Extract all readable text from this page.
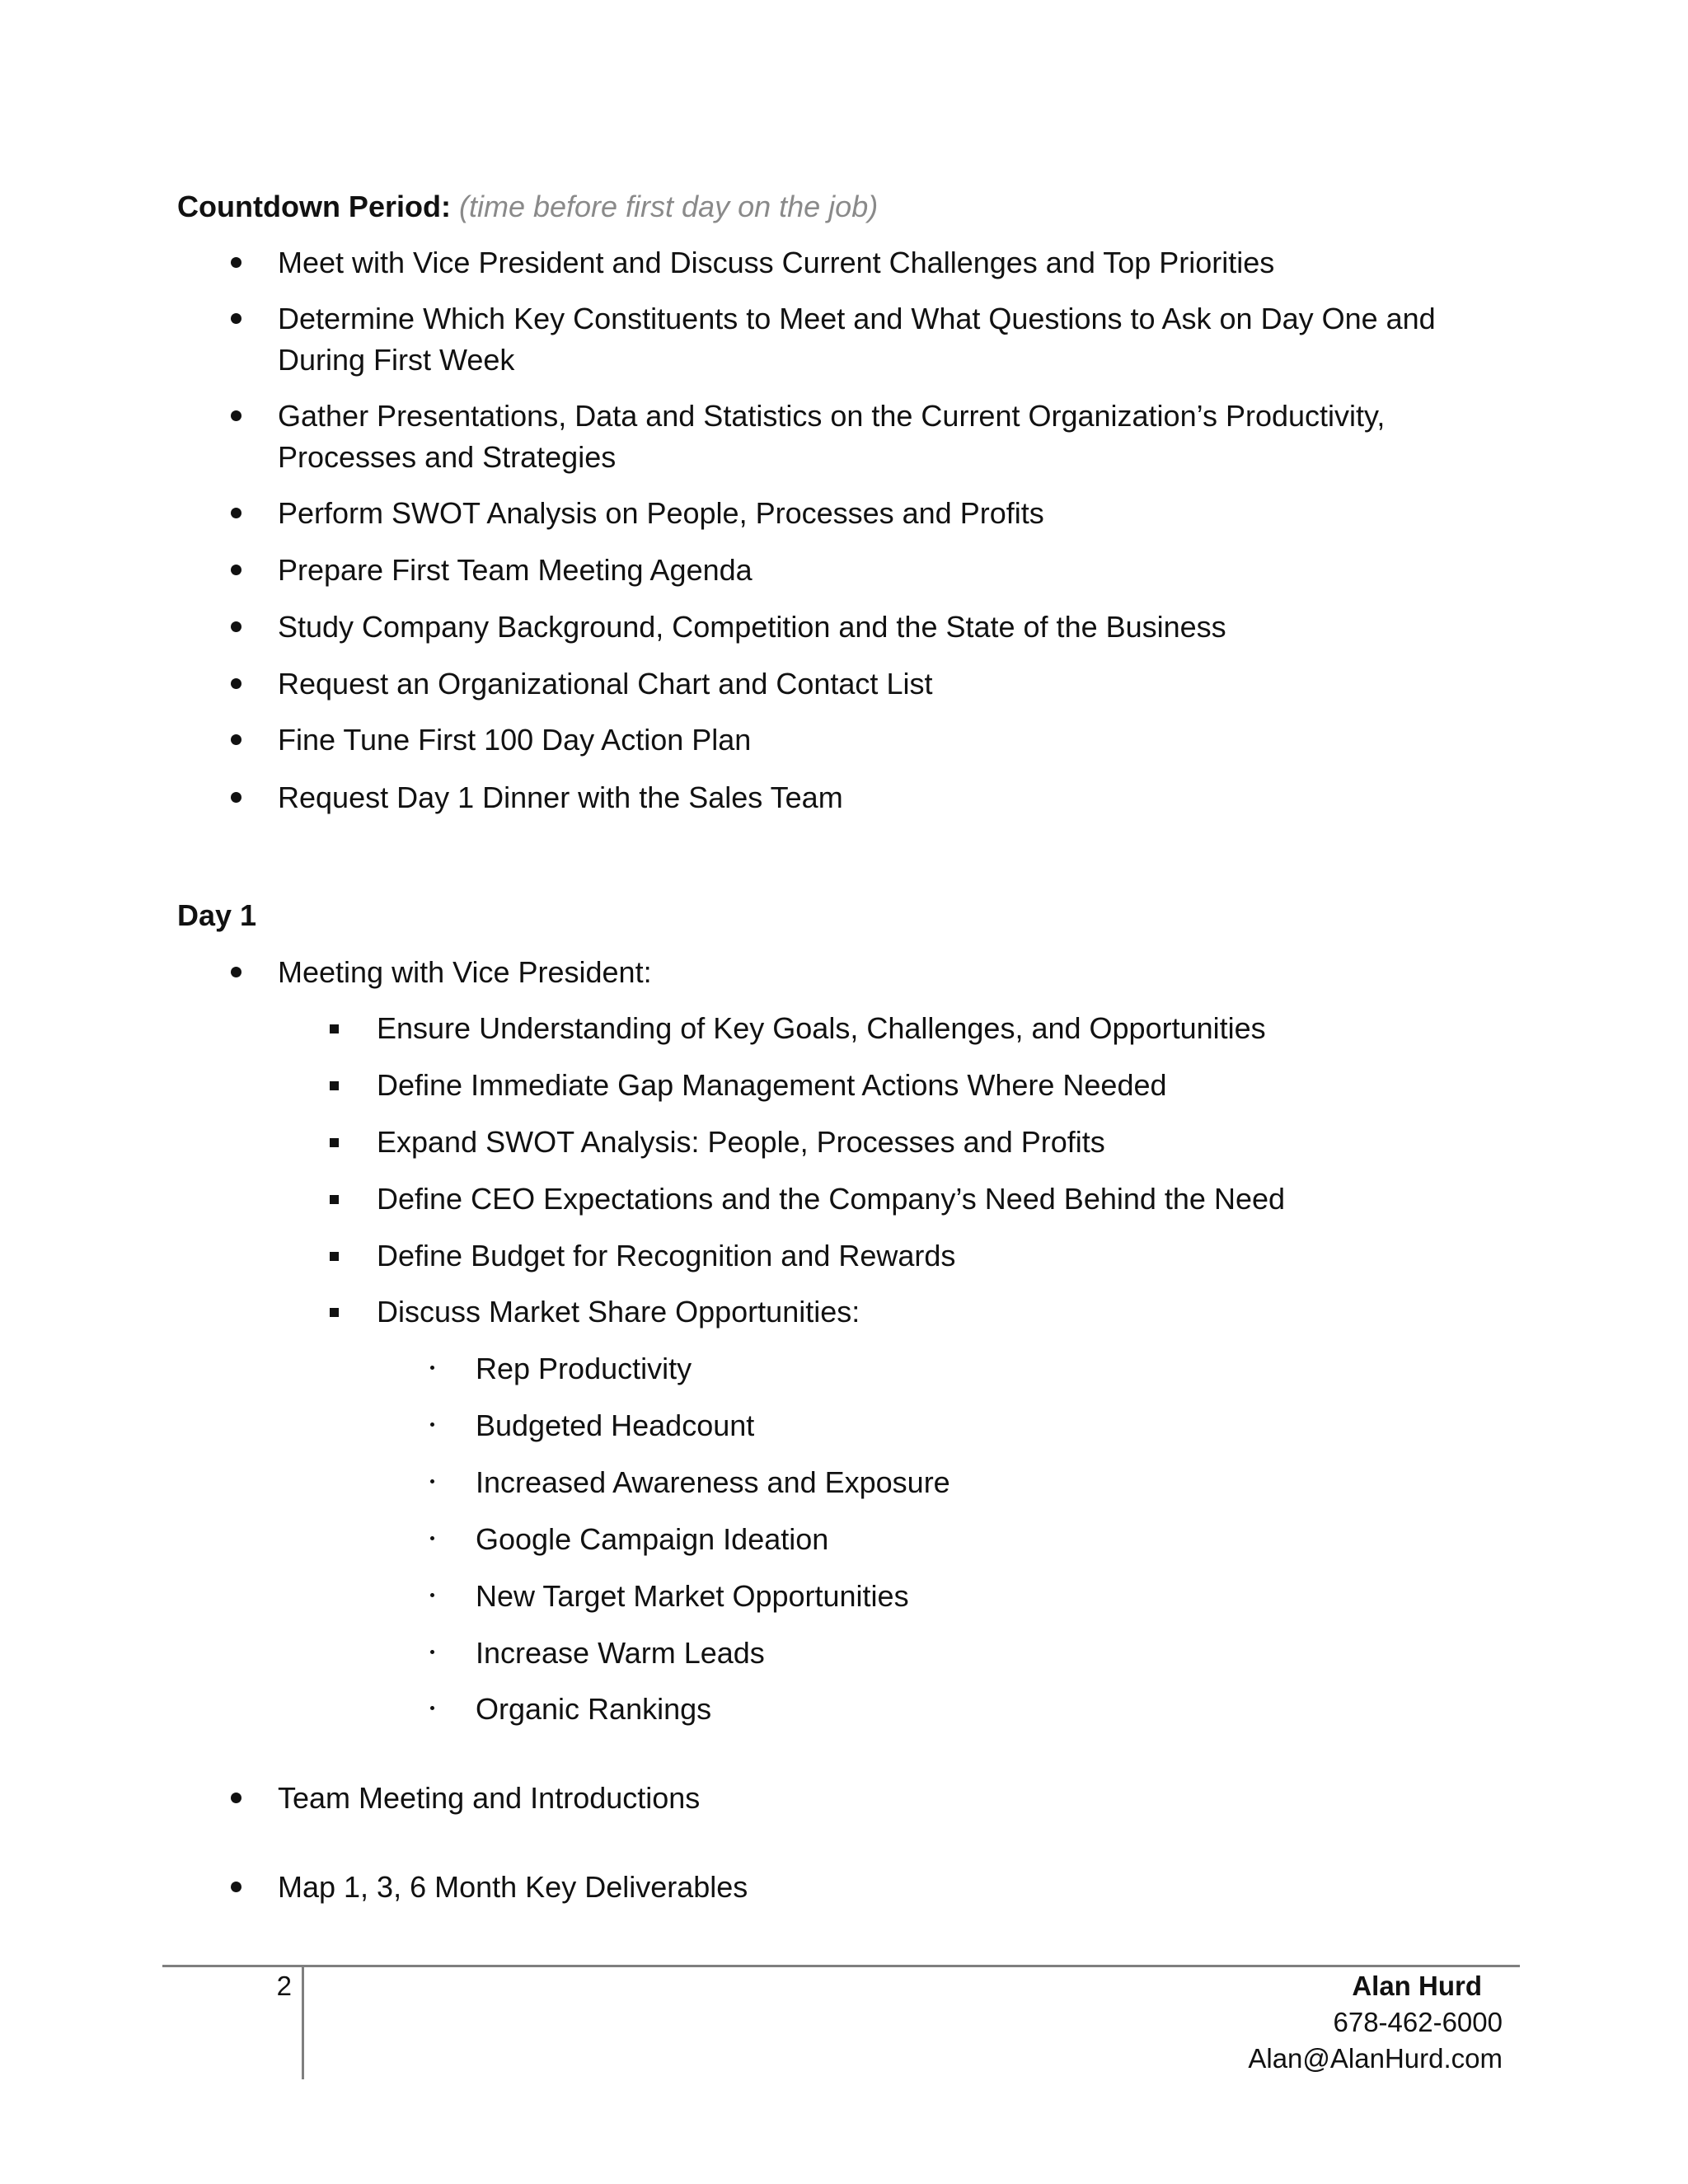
Countdown Period: (time before first day on the job)
Meet with Vice President and Discuss Current Challenges and Top Priorities
Determine Which Key Constituents to Meet and What Questions to Ask on Day One and During First Week
Gather Presentations, Data and Statistics on the Current Organization’s Productivity, Processes and Strategies
Perform SWOT Analysis on People, Processes and Profits
Prepare First Team Meeting Agenda
Study Company Background, Competition and the State of the Business
Request an Organizational Chart and Contact List
Fine Tune First 100 Day Action Plan
Request Day 1 Dinner with the Sales Team
Day 1
Meeting with Vice President:
Ensure Understanding of Key Goals, Challenges, and Opportunities
Define Immediate Gap Management Actions Where Needed
Expand SWOT Analysis: People, Processes and Profits
Define CEO Expectations and the Company’s Need Behind the Need
Define Budget for Recognition and Rewards
Discuss Market Share Opportunities:
Rep Productivity
Budgeted Headcount
Increased Awareness and Exposure
Google Campaign Ideation
New Target Market Opportunities
Increase Warm Leads
Organic Rankings
Team Meeting and Introductions
Map 1, 3, 6 Month Key Deliverables
2	Alan Hurd
678-462-6000
Alan@AlanHurd.com
